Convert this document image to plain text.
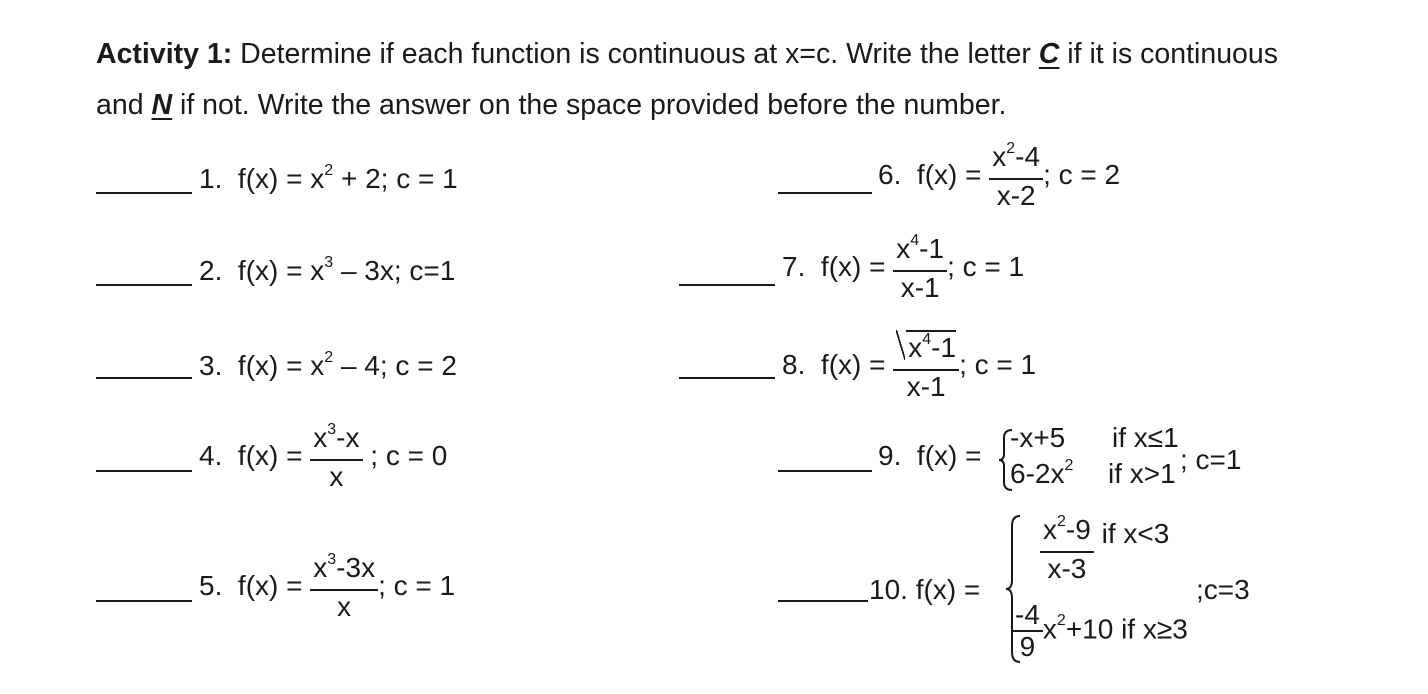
Activity 1: Determine if each function is continuous at x=c. Write the letter C if it is continuous
and N if not. Write the answer on the space provided before the number.
1. $f(x) = x^2 + 2$; c = 1
2. $f(x) = x^3 - 3x$; c=1
3. $f(x) = x^2 - 4$; c = 2
4. $f(x) = \frac{x^3-x}{x}$ ; c = 0
5. $f(x) = \frac{x^3-3x}{x}$ ; c = 1
6. $f(x) = \frac{x^2-4}{x-2}$ ; c = 2
7. $f(x) = \frac{x^4-1}{x-1}$ ; c = 1
8. $f(x) = \frac{x^4-1}{x-1}$ ; c = 1
9. f(x) =
-x+5 if x≤1
$6-2x^2$ if x>1 ; c=1
10. f(x) =
$\frac{x^2-9}{x-3}$ if x<3
$\frac{-4}{9} x^2+10$ if x≥3
;c=3
